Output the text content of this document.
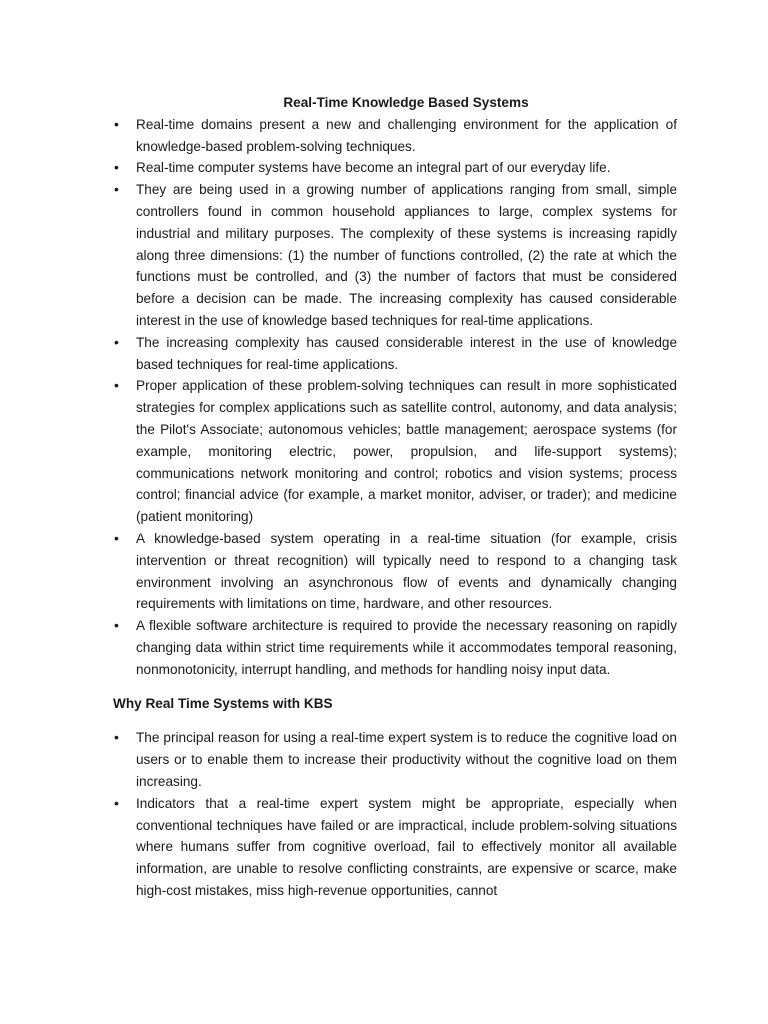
Real-Time Knowledge Based Systems
• Real-time domains present a new and challenging environment for the application of knowledge-based problem-solving techniques.
• Real-time computer systems have become an integral part of our everyday life.
• They are being used in a growing number of applications ranging from small, simple controllers found in common household appliances to large, complex systems for industrial and military purposes. The complexity of these systems is increasing rapidly along three dimensions: (1) the number of functions controlled, (2) the rate at which the functions must be controlled, and (3) the number of factors that must be considered before a decision can be made. The increasing complexity has caused considerable interest in the use of knowledge based techniques for real-time applications.
• The increasing complexity has caused considerable interest in the use of knowledge based techniques for real-time applications.
• Proper application of these problem-solving techniques can result in more sophisticated strategies for complex applications such as satellite control, autonomy, and data analysis; the Pilot's Associate; autonomous vehicles; battle management; aerospace systems (for example, monitoring electric, power, propulsion, and life-support systems); communications network monitoring and control; robotics and vision systems; process control; financial advice (for example, a market monitor, adviser, or trader); and medicine (patient monitoring)
• A knowledge-based system operating in a real-time situation (for example, crisis intervention or threat recognition) will typically need to respond to a changing task environment involving an asynchronous flow of events and dynamically changing requirements with limitations on time, hardware, and other resources.
• A flexible software architecture is required to provide the necessary reasoning on rapidly changing data within strict time requirements while it accommodates temporal reasoning, nonmonotonicity, interrupt handling, and methods for handling noisy input data.
Why Real Time Systems with KBS
• The principal reason for using a real-time expert system is to reduce the cognitive load on users or to enable them to increase their productivity without the cognitive load on them increasing.
• Indicators that a real-time expert system might be appropriate, especially when conventional techniques have failed or are impractical, include problem-solving situations where humans suffer from cognitive overload, fail to effectively monitor all available information, are unable to resolve conflicting constraints, are expensive or scarce, make high-cost mistakes, miss high-revenue opportunities, cannot
